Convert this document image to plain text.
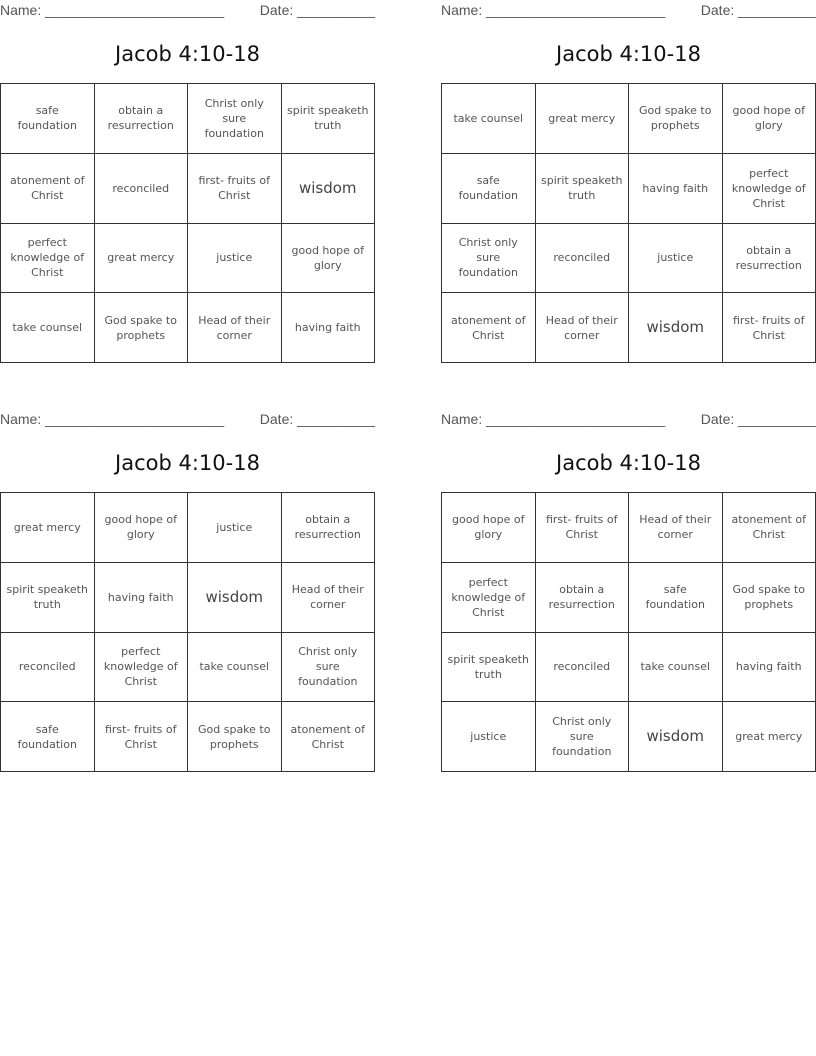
Name: _______________________	Date: __________
Jacob 4:10-18
safe foundation	obtain a resurrection	Christ only sure foundation	spirit speaketh truth
atonement of Christ	reconciled	first- fruits of Christ	wisdom
perfect knowledge of Christ	great mercy	justice	good hope of glory
take counsel	God spake to prophets	Head of their corner	having faith
Name: _______________________	Date: __________
Jacob 4:10-18
take counsel	great mercy	God spake to prophets	good hope of glory
safe foundation	spirit speaketh truth	having faith	perfect knowledge of Christ
Christ only sure foundation	reconciled	justice	obtain a resurrection
atonement of Christ	Head of their corner	wisdom	first- fruits of Christ
Name: _______________________	Date: __________
Jacob 4:10-18
great mercy	good hope of glory	justice	obtain a resurrection
spirit speaketh truth	having faith	wisdom	Head of their corner
reconciled	perfect knowledge of Christ	take counsel	Christ only sure foundation
safe foundation	first- fruits of Christ	God spake to prophets	atonement of Christ
Name: _______________________	Date: __________
Jacob 4:10-18
good hope of glory	first- fruits of Christ	Head of their corner	atonement of Christ
perfect knowledge of Christ	obtain a resurrection	safe foundation	God spake to prophets
spirit speaketh truth	reconciled	take counsel	having faith
justice	Christ only sure foundation	wisdom	great mercy
